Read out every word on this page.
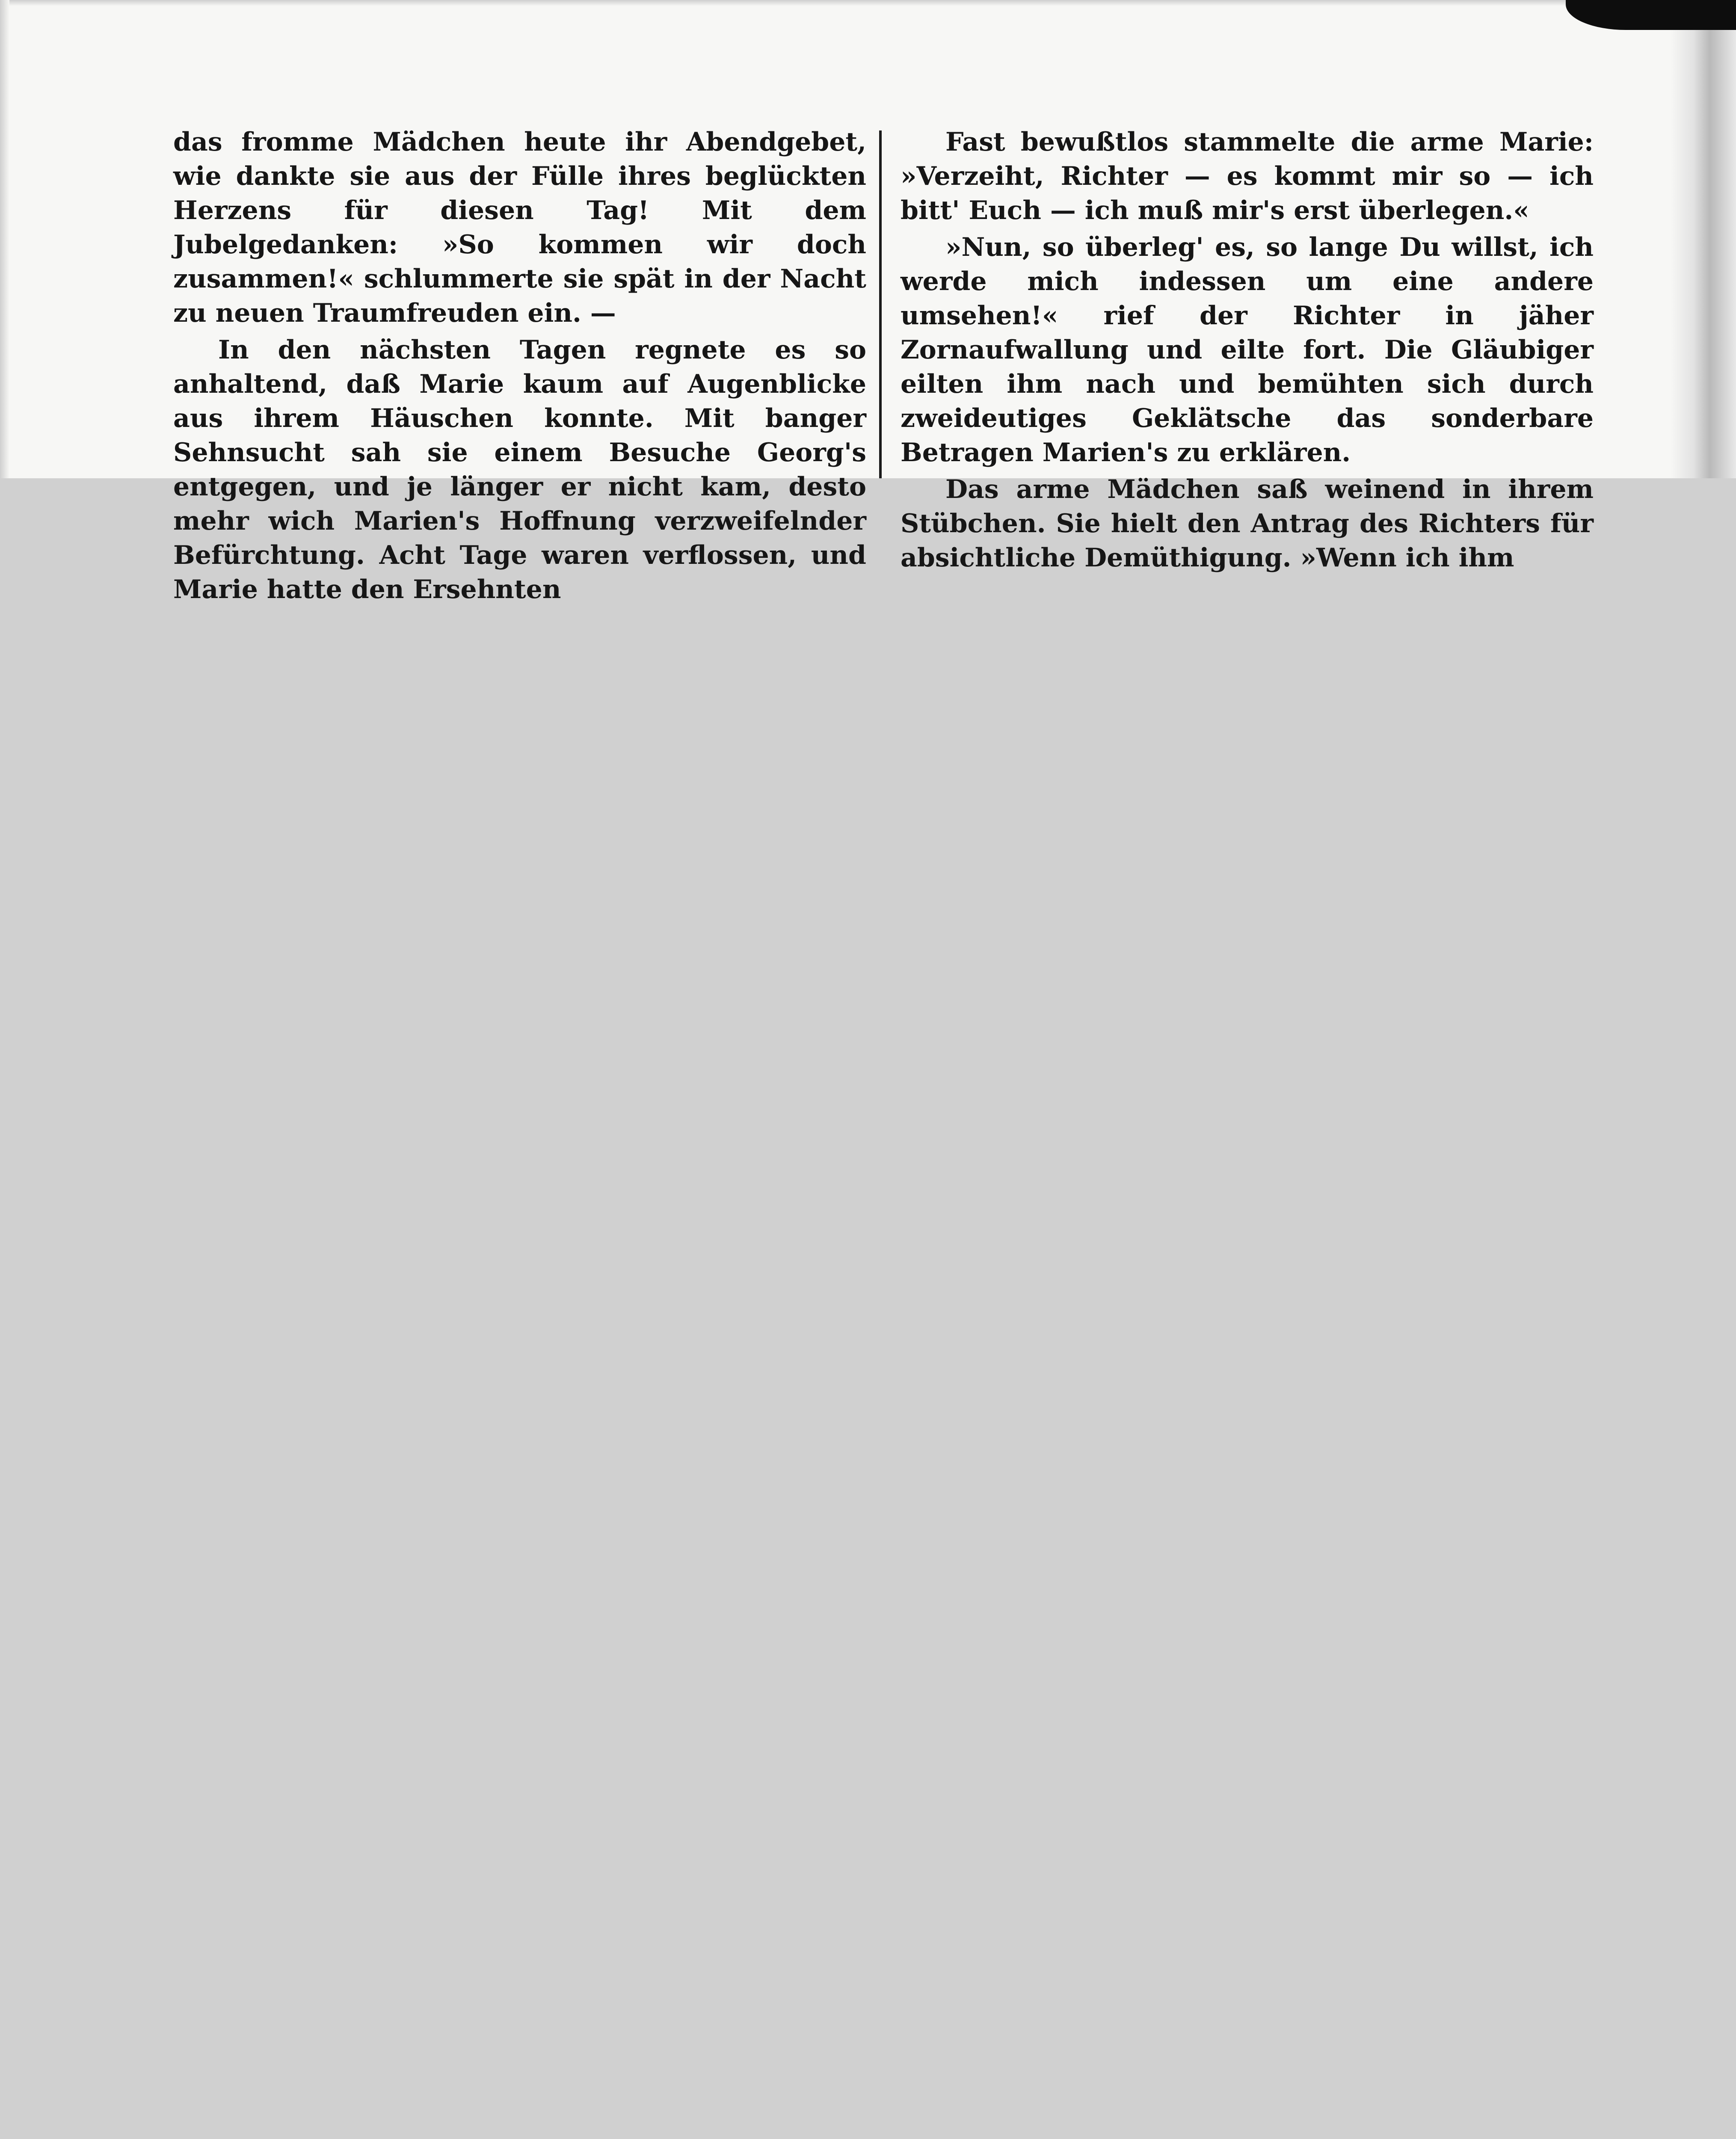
das fromme Mädchen heute ihr Abendgebet, wie dankte sie aus der Fülle ihres beglückten Herzens für diesen Tag! Mit dem Jubelgedanken: »So kommen wir doch zusammen!« schlummerte sie spät in der Nacht zu neuen Traumfreuden ein. —

In den nächsten Tagen regnete es so anhaltend, daß Marie kaum auf Augenblicke aus ihrem Häuschen konnte. Mit banger Sehnsucht sah sie einem Besuche Georg's entgegen, und je länger er nicht kam, desto mehr wich Marien's Hoffnung verzweifelnder Befürchtung. Acht Tage waren verflossen, und Marie hatte den Ersehnten

Fast bewußtlos stammelte die arme Marie: »Verzeiht, Richter — es kommt mir so — ich bitt' Euch — ich muß mir's erst überlegen.«

»Nun, so überleg' es, so lange Du willst, ich werde mich indessen um eine andere umsehen!« rief der Richter in jäher Zornaufwallung und eilte fort. Die Gläubiger eilten ihm nach und bemühten sich durch zweideutiges Geklätsche das sonderbare Betragen Marien's zu erklären.

Das arme Mädchen saß weinend in ihrem Stübchen. Sie hielt den Antrag des Richters für absichtliche Demüthigung. »Wenn ich ihm
